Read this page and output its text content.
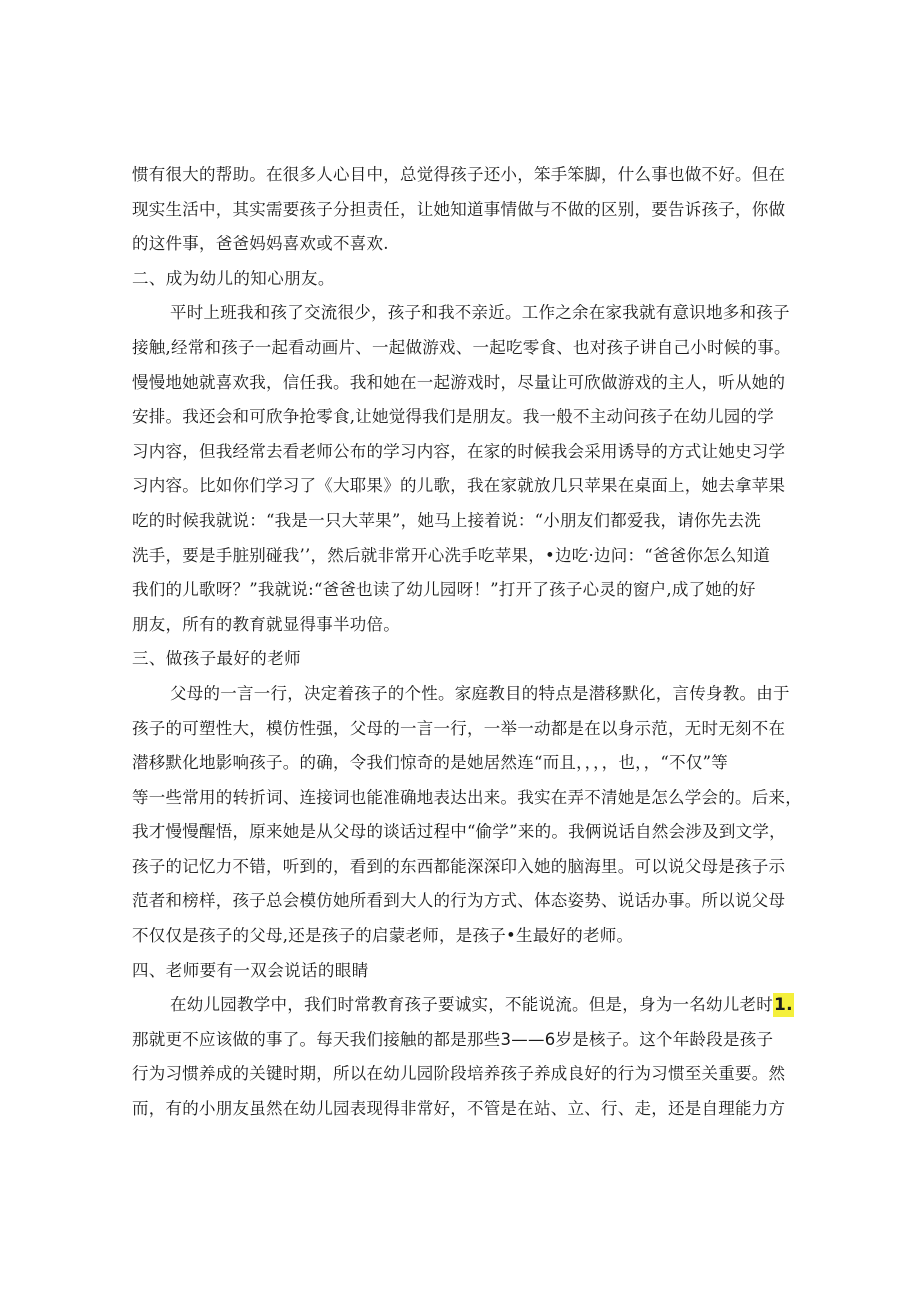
惯有很大的帮助。在很多人心目中，总觉得孩子还小，笨手笨脚，什么事也做不好。但在
现实生活中，其实需要孩子分担责任，让她知道事情做与不做的区别，要告诉孩子，你做
的这件事，爸爸妈妈喜欢或不喜欢.
二、成为幼儿的知心朋友。
平时上班我和孩了交流很少，孩子和我不亲近。工作之余在家我就有意识地多和孩子
接触,经常和孩子一起看动画片、一起做游戏、一起吃零食、也对孩子讲自己小时候的事。
慢慢地她就喜欢我，信任我。我和她在一起游戏时，尽量让可欣做游戏的主人，听从她的
安排。我还会和可欣争抢零食,让她觉得我们是朋友。我一般不主动问孩子在幼儿园的学
习内容，但我经常去看老师公布的学习内容，在家的时候我会采用诱导的方式让她史习学
习内容。比如你们学习了《大耶果》的儿歌，我在家就放几只苹果在桌面上，她去拿苹果
吃的时候我就说：“我是一只大苹果”，她马上接着说：“小朋友们都爱我，请你先去洗
洗手，要是手脏别碰我’’，然后就非常开心洗手吃苹果，•边吃·边问：“爸爸你怎么知道
我们的儿歌呀？”我就说:“爸爸也读了幼儿园呀！”打开了孩子心灵的窗户,成了她的好
朋友，所有的教育就显得事半功倍。
三、做孩子最好的老师
父母的一言一行，决定着孩子的个性。家庭教目的特点是潜移默化，言传身教。由于
孩子的可塑性大，模仿性强，父母的一言一行，一举一动都是在以身示范，无时无刻不在
潜移默化地影响孩子。的确，令我们惊奇的是她居然连“而且，，，，也，，“不仅”等
等一些常用的转折词、连接词也能准确地表达出来。我实在弄不清她是怎么学会的。后来，
我才慢慢醒悟，原来她是从父母的谈话过程中“偷学”来的。我俩说话自然会涉及到文学，
孩子的记忆力不错，听到的，看到的东西都能深深印入她的脑海里。可以说父母是孩子示
范者和榜样，孩子总会模仿她所看到大人的行为方式、体态姿势、说话办事。所以说父母
不仅仅是孩子的父母,还是孩子的启蒙老师，是孩子•生最好的老师。
四、老师要有一双会说话的眼睛
在幼儿园教学中，我们时常教育孩子要诚实，不能说流。但是，身为一名幼儿老时1.
那就更不应该做的事了。每天我们接触的都是那些3——6岁是核子。这个年龄段是孩子
行为习惯养成的关键时期，所以在幼儿园阶段培养孩子养成良好的行为习惯至关重要。然
而，有的小朋友虽然在幼儿园表现得非常好，不管是在站、立、行、走，还是自理能力方
